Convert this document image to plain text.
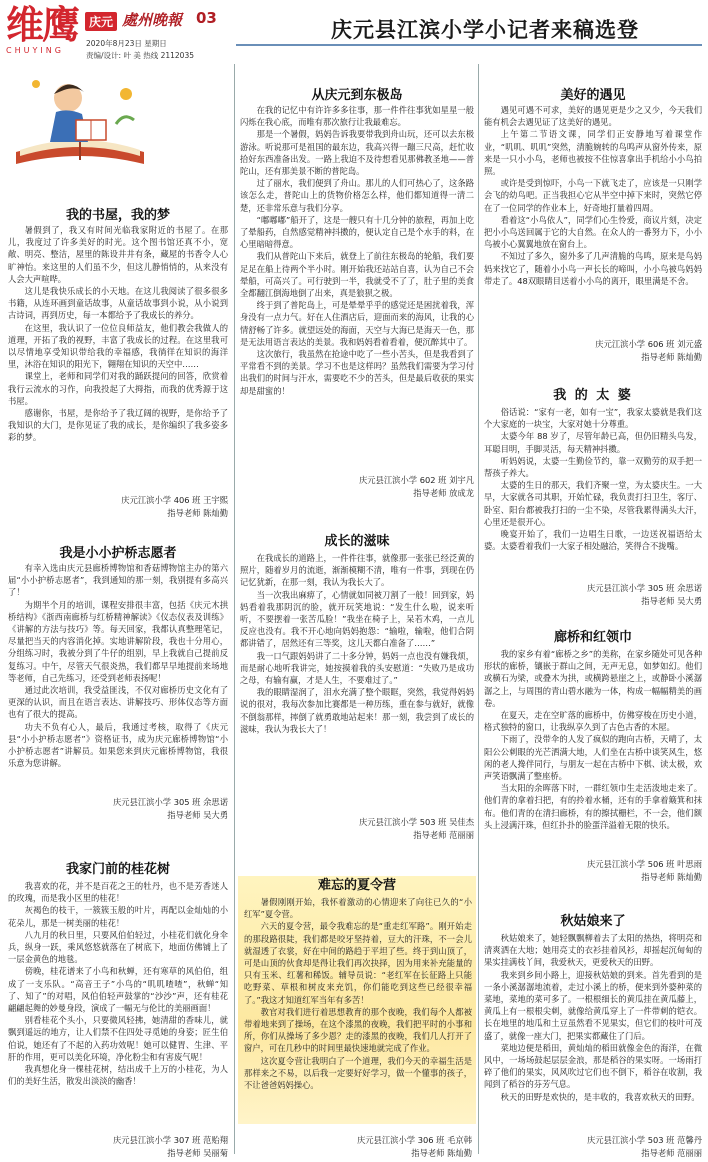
维鹰
CHUYING
庆元 處州晚報 03
2020年8月23日 星期日
责编/设计: 叶 美 热线 2112035
庆元县江滨小学小记者来稿选登
我的书屋，我的梦

暑假到了，我又有时间光临我家附近的书屋了。在那儿，我度过了许多美好的时光。这个图书馆还真不小，宽敞、明亮、整洁，屋里的陈设井井有条，藏屋的书香令人心旷神怡。来这里的人们虽不少，但这儿静悄悄的，从来没有人会大声喧哗。

这儿是我快乐成长的小天地。在这儿我阅读了很多很多书籍，从连环画到童话故事，从童话故事到小说，从小说到古诗词，再到历史，每一本都给予了我成长的养分。

在这里，我认识了一位位良师益友，他们教会我做人的道理，开拓了我的视野，丰富了我成长的过程。在这里我可以尽情地享受知识带给我的幸福感，我徜徉在知识的海洋里，沐浴在知识的阳光下，翱翔在知识的天空中……

课堂上，老师和同学们对我的踊跃提问的回答，欣赏着我行云流水的习作，向我投起了大拇指，而我的优秀源于这书屋。

感谢你，书屋，是你给予了我辽阔的视野，是你给予了我知识的大门，是你见证了我的成长，是你编织了我多姿多彩的梦。

庆元江滨小学 406 班 王宇熙
指导老师 陈灿勤
我是小小护桥志愿者

有幸入选由庆元县廊桥博物馆和香菇博物馆主办的第六届“小小护桥志愿者”，我到通知的那一刻，我别提有多高兴了！

为期半个月的培训，课程安排很丰富，包括《庆元木拱桥结构》《浙西南廊桥与红桥精神解读》《仪态仪表及训练》《讲解的方法与技巧》等。每天回家，我都认真整理笔记，尽量把当天的内容消化掉。实地讲解阶段，我也十分用心，分组练习时，我被分到了牛仔的组别，早上我就自己提前反复练习。中午，尽管天气很炎热，我们都早早地提前来场地等老师，自己先练习，还受到老师表扬呢！

通过此次培训，我受益匪浅，不仅对廊桥历史文化有了更深的认识，而且在语言表达、讲解技巧、形体仪态等方面也有了很大的提高。

功夫不负有心人，最后，我通过考核，取得了《庆元县“小小护桥志愿者”》资格证书，成为庆元廊桥博物馆“小小护桥志愿者”讲解员。如果您来到庆元廊桥博物馆，我很乐意为您讲解。

庆元县江滨小学 305 班 余思诺
指导老师 吴大勇
我家门前的桂花树

我喜欢的花，并不是百花之王的牡丹，也不是芳香迷人的玫瑰，而是我小区里的桂花！

灰褐色的枝干，一簇簇玉般的叶片，再配以金灿灿的小花朵儿，那是一树美丽的桂花！

八九月的秋日里，只要风伯伯轻过，小桂花们就化身伞兵，纵身一跃，乘风悠悠就落在了树底下，地面仿佛铺上了一层金黄色的地毯。

傍晚，桂花谱来了小鸟和秋蝉，还有寒草的风伯伯，组成了一支乐队。“高音王子”小鸟的“叽叽喳喳”，秋蝉“知了、知了”的对唱，风伯伯轻声鼓掌的“沙沙”声，还有桂花翩翩起舞的妙曼身段，演成了一幅无与伦比的美丽画面！

别看桂花个头小，只要微风轻拂，她清甜的香味儿，就飘到遥远的地方，让人们禁不住四处寻觅她的身姿；匠生伯伯说，她还有了不起的入药功效呢！她可以健胃、生津、平肝的作用，更可以美化环境，净化粉尘和有害废气呢！

我真想化身一棵桂花树，结出成千上万的小桂花，为人们的美好生活，散发出淡淡的幽香！

庆元县江滨小学 307 班 范贻翔
指导老师 吴丽菊
从庆元到东极岛

在我的记忆中有许许多多往事，那一件件往事犹如星星一般闪烁在我心底，而唯有那次旅行让我最难忘。

那是一个暑假，妈妈告诉我要带我到舟山玩，还可以去东极游泳。听说那可是祖国的最东边，我高兴得一蹦三尺高，赶忙收拾好东西准备出发。一路上我迫不及待想看见那佛教圣地——普陀山，还有那美景不断的普陀岛。

过了丽水，我们便到了舟山。那儿的人们可热心了，这条路该怎么走，普陀山上的货物价格怎么样，他们都知道得一清二楚，还非常乐意与我们分享。

“嘟嘟嘟”船开了，这是一艘只有十几分钟的旅程，再加上吃了晕船药，自然感觉精神抖擞的，便认定自己是个水手的料，在心里暗暗得意。

我们从普陀山下来后，就登上了前往东极岛的轮船，我们要足足在船上待两个半小时。刚开始我还站站自喜，认为自己不会晕船，可高兴了。可行驶到一半，我就受不了了，肚子里的美食全都翻江倒海地倒了出来，真是狼狈之极。

终于到了普陀岛上，可是晕晕乎乎的感觉还是困扰着我，浑身没有一点力气。好在人住酒店后，迎面而来的海风，让我的心情舒畅了许多。就望远处的海面，天空与大海已是海天一色，那是无法用语言表达的美景。我和妈妈看着看着，便沉醉其中了。

这次旅行，我虽然在抢途中吃了一些小苦头，但是我看到了平常看不到的美景。学习不也是这样吗？虽然我们需要为学习付出我们的时间与汗水，需要吃不少的苦头，但是最后收获的果实却是甜蜜的！

庆元县江滨小学 602 班 刘宇凡
指导老师 放成龙
成长的滋味

在我成长的道路上，一件件往事，就像那一张张已经泛黄的照片，随着岁月的流逝，渐渐模糊不清，唯有一件事，到现在仍记忆犹新，在那一刻，我认为我长大了。

当一次我出麻痹了，心情就如同被刀割了一般！回到家，妈妈看着我那阴沉的脸，就开玩笑地说：“发生什么啦，说来听听，不要摆着一张苦瓜脸！”我坐在椅子上，呆若木鸡，一点儿反应也没有。我不开心地向妈妈抱怨：“输啦，输啦，他们合阴都讲错了，居然还有三等奖，这儿天都白准备了……”

我一口气跟妈妈讲了二十多分钟，妈妈一点也没有嫌我烦，而是耐心地听我讲完，她按摸着我的头安慰道：“失败乃是成功之母，有输有赢，才是人生，不要难过了。”

我的眼睛湿润了，泪水充满了整个眼眶，突然，我觉得妈妈说的很对，我每次参加比赛都是一种历练，重在参与就好，就像不倒翁那样，摔倒了就勇敢地站起来！那一刻，我尝到了成长的滋味，我认为我长大了！

庆元县江滨小学 503 班 吴佳杰
指导老师 范丽丽
难忘的夏令营

暑假刚刚开始，我怀着激动的心情迎来了向往已久的“小红军”夏令营。

六天的夏令营，最令我难忘的是“重走红军路”。刚开始走的那段路很陡，我们都是咬牙坚持着，豆大的汗珠，不一会儿就湿透了衣裳，好在中间的路趋于平坦了些。终于到山顶了，可是山顶的伙食却是得让我们再次抉择，因为用来补充能量的只有玉米、红薯和稀饭。辅导员说：“老红军在长征路上只能吃野菜、草根和树皮来充饥，你们能吃到这些已经很幸福了。”我这才知道红军当年有多苦！

教官对我们进行着思想教育的那个夜晚，我们每个人都被带着地来到了操场，在这个漆黑的夜晚，我们把平时的小事和所，你们从操场了多少恩？走的漆黑的夜晚，我们几人打开了窗户，可在几秒中的时间里最快速地就完成了作业。

这次夏令营让我明白了一个道理，我们今天的幸福生活是那样来之不易，以后我一定要好好学习，做一个懂事的孩子，不让爸爸妈妈操心。

庆元县江滨小学 306 班 毛京韩
指导老师 陈灿勤
美好的遇见

遇见可遇不可求，美好的遇见更是少之又少，今天我们能有机会去遇见证了这美好的遇见。

上午第二节语文课，同学们正安静地写着课堂作业，“叽叽、叽叽”突然，清脆婉转的鸟鸣声从窗外传来，原来是一只小小鸟，老师也被按不住惊喜拿出手机给小小鸟拍照。

或许是受到惊吓，小鸟一下就飞走了，应该是一只刚学会飞的幼鸟吧。正当我担心它从半空中掉下来时，突然它停在了一位同学的作业本上，好奇地打量着四周。

看着这“小鸟依人”，同学们心生怜爱，商议片刻，决定把小小鸟送回属于它的大自然。在众人的一番努力下，小小鸟被小心翼翼地放在窗台上。

不知过了多久，窗外多了几声清脆的鸟鸣，原来是鸟妈妈来找它了，随着小小鸟一声长长的啼叫，小小鸟被鸟妈妈带走了。48双眼睛目送着小小鸟的离开，眼里满是不舍。

庆元江滨小学 606 班 刘元盛
指导老师 陈灿勤
我 的 太 婆

俗话说：“家有一老，如有一宝”，我家太婆就是我们这个大家庭的一块宝，大家对她十分尊重。

太婆今年 88 岁了，尽管年龄已高，但仍旧精头鸟发，耳聪目明，手脚灵活，每天精神抖擞。

听妈妈说，太婆一生勤俭节约，靠一双勤劳的双手把一帮孩子养大。

太婆的生日的那天，我们齐聚一堂，为太婆庆生。一大早，大家就各司其职，开始忙碌，我负责打扫卫生，客厅、卧室、阳台都被我打扫的一尘不染，尽管我累得满头大汗，心里还是很开心。

晚宴开始了，我们一边唱生日歌，一边送祝福语给太婆。太婆看着我们一大家子相处融洽，笑得合不拢嘴。

庆元县江滨小学 305 班 余思诺
指导老师 吴大勇
廊桥和红领巾

我的家乡有着“廊桥之乡”的美称，在家乡随处可见各种形状的廊桥，镶嵌于群山之间，无声无息，如梦如幻。他们或横石为梁，或叠木为拱，或横跨悬崖之上，或静卧小溪潺潺之上，与周围的青山碧水融为一体，构成一幅幅精美的画卷。

在夏天，走在空旷落的廊桥中，仿佛穿梭在历史小道，格式独特的窗口，让我纵享久到了古色古香的木屋。

下雨了，没带伞的人发了疯似的跑向古桥，天晴了，太阳公公刺眼的光芒洒满大地，人们坐在古桥中谈笑风生，悠闲的老人搀伴同行，与朋友一起在古桥中下棋、读太极，欢声笑语飘满了整座桥。

当太阳的余晖落下时，一群红领巾生走活泼地走来了。他们青的拿着扫把，有的拎着水桶，还有的手拿着簸箕和抹布。他们青的在清扫廊桥，有的擦拭栅栏，不一会，他们额头上浸满汗珠，但红扑扑的脸蛋洋溢着无限的快乐。

庆元县江滨小学 506 班 叶思雨
指导老师 陈灿勤
秋姑娘来了

秋姑娘来了，她轻飘飘柳着去了太阳的热热，将明亮和清爽洒在大地；她用亮丈的衣衫挂着风衫，却摇起沉甸甸的果实挂满枝丫间，我爱秋天，更爱秋天的田野。

我来到乡间小路上，迎接秋姑娘的到来。首先看到的是一条小溪潺潺地流着，走过小溪上的桥，便来到外婆种菜的菜地，菜地的菜可多了。一根根细长的黄瓜挂在黄瓜藤上，黄瓜上有一根根尖刺，就像给黄瓜穿上了一件带刺的铠衣。长在地里的地瓜和土豆虽然看不见果实，但它们的枝叶可茂盛了，就像一座大门，把果实都藏住了门后。

菜地边便是稻田，黄灿灿的稻田就像金色的海洋，在微风中，一场场鼓起层层金浪，那是稻谷的果实呀。一场雨打碎了他们的果实，风风吹过它们也不倒下，稻谷在收割，我闻到了稻谷的芬芳气息。

秋天的田野是欢快的，是丰收的，我喜欢秋天的田野。

庆元县江滨小学 503 班 范馨丹
指导老师 范丽丽
